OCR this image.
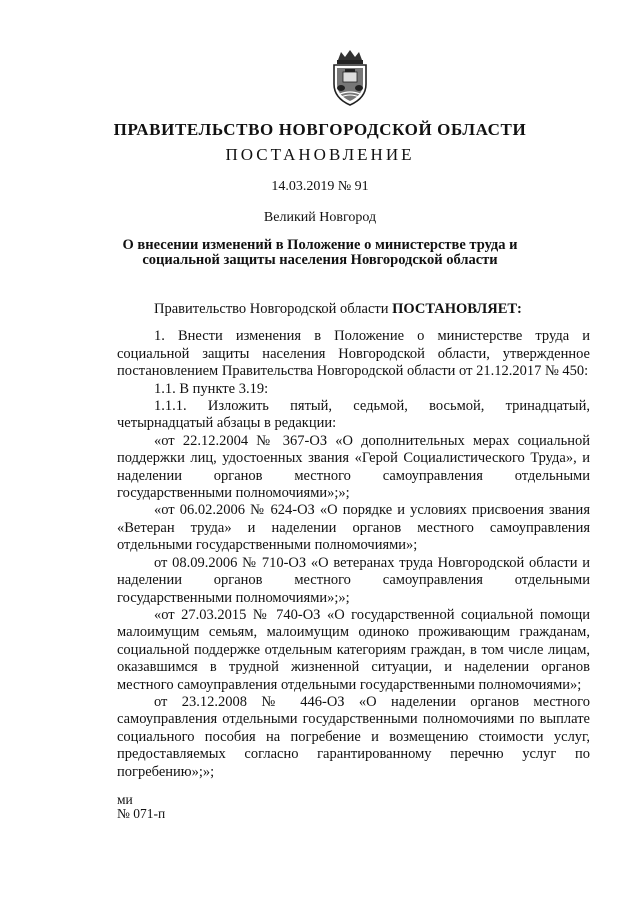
ПРАВИТЕЛЬСТВО НОВГОРОДСКОЙ ОБЛАСТИ
ПОСТАНОВЛЕНИЕ
14.03.2019 № 91
Великий Новгород
О внесении изменений в Положение о министерстве труда и социальной защиты населения Новгородской области

Правительство Новгородской области ПОСТАНОВЛЯЕТ:

1. Внести изменения в Положение о министерстве труда и социальной защиты населения Новгородской области, утвержденное постановлением Правительства Новгородской области от 21.12.2017 № 450:

1.1. В пункте 3.19:

1.1.1. Изложить пятый, седьмой, восьмой, тринадцатый, четырнадцатый абзацы в редакции:

«от 22.12.2004 № 367-ОЗ «О дополнительных мерах социальной поддержки лиц, удостоенных звания «Герой Социалистического Труда», и наделении органов местного самоуправления отдельными государственными полномочиями»;»;

«от 06.02.2006 № 624-ОЗ «О порядке и условиях присвоения звания «Ветеран труда» и наделении органов местного самоуправления отдельными государственными полномочиями»;

от 08.09.2006 № 710-ОЗ «О ветеранах труда Новгородской области и наделении органов местного самоуправления отдельными государственными полномочиями»;»;

«от 27.03.2015 № 740-ОЗ «О государственной социальной помощи малоимущим семьям, малоимущим одиноко проживающим гражданам, социальной поддержке отдельным категориям граждан, в том числе лицам, оказавшимся в трудной жизненной ситуации, и наделении органов местного самоуправления отдельными государственными полномочиями»;

от 23.12.2008 № 446-ОЗ «О наделении органов местного самоуправления отдельными государственными полномочиями по выплате социального пособия на погребение и возмещению стоимости услуг, предоставляемых согласно гарантированному перечню услуг по погребению»;»;

ми
№ 071-п
